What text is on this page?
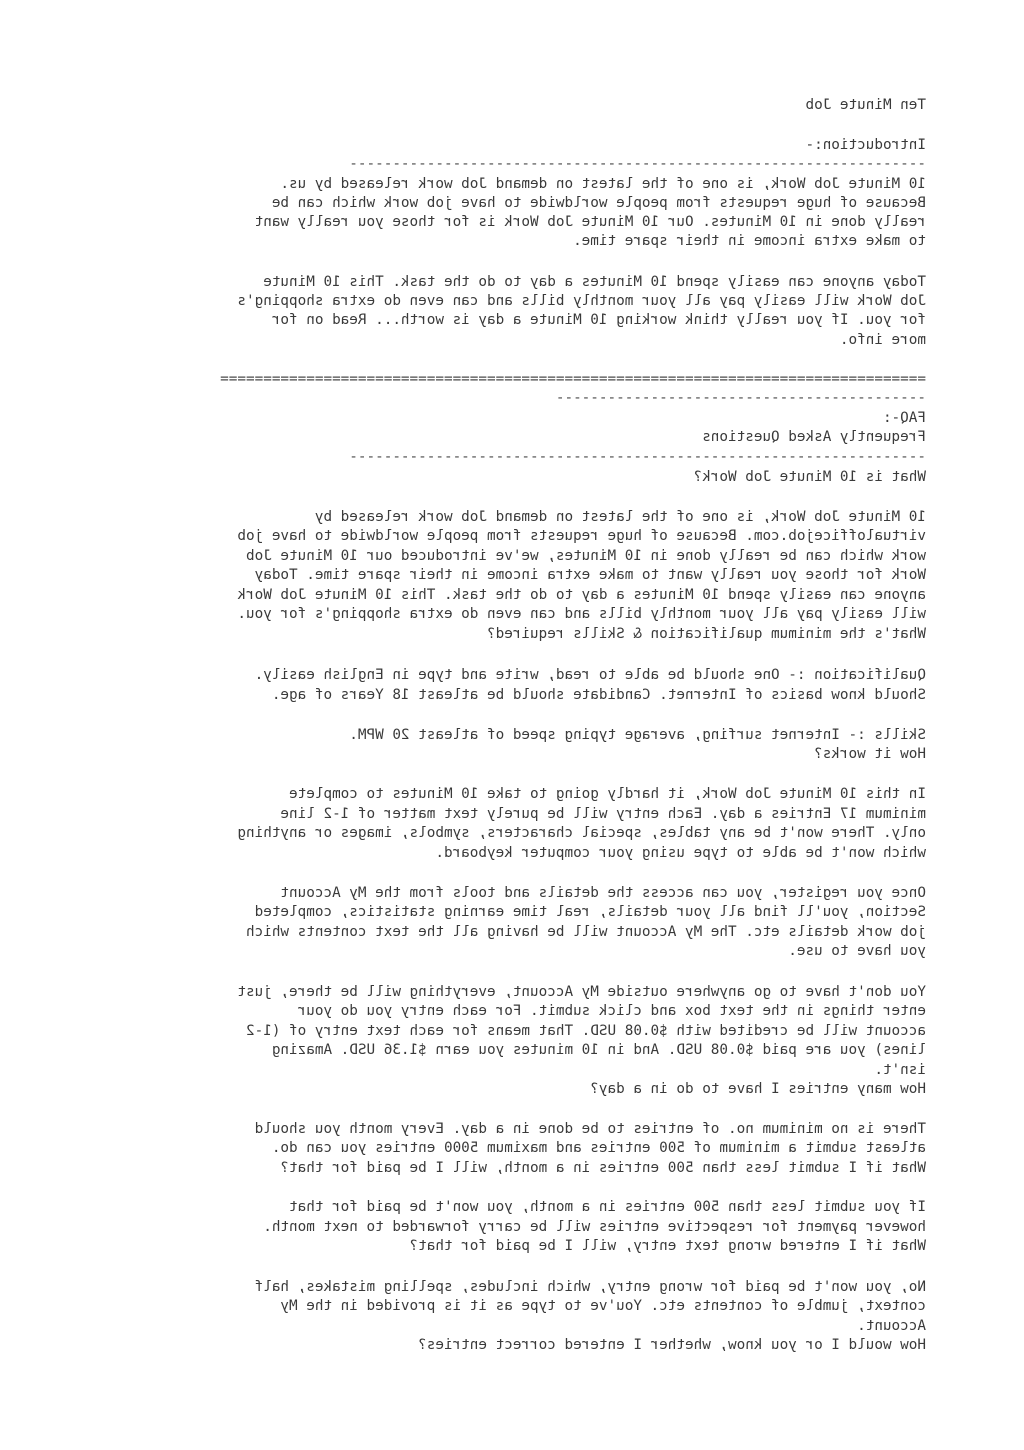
Ten Minute Job
Introduction:-
-------------------------------------------------------------------
10 Minute Job Work, is one of the latest on demand Job work released by us.
Because of huge requests from people worldwide to have job work which can be
really done in 10 Minutes. Our 10 Minute Job Work is for those you really want
to make extra income in their spare time.
Today anyone can easily spend 10 Minutes a day to do the task. This 10 Minute
Job Work will easily pay all your monthly bills and can even do extra shopping's
for you. If you really think working 10 Minute a day is worth... Read on for
more info.
==================================================================================
-------------------------------------------
FAQ-:
Frequently Asked Questions
-------------------------------------------------------------------
What is 10 Minute Job Work?
10 Minute Job Work, is one of the latest on demand Job work released by
virtualofficejob.com. Because of huge requests from people worldwide to have job
work which can be really done in 10 Minutes, we've introduced our 10 Minute Job
Work for those you really want to make extra income in their spare time. Today
anyone can easily spend 10 Minutes a day to do the task. This 10 Minute Job Work
will easily pay all your monthly bills and can even do extra shopping's for you.
What's the minimum qualification & Skills required?
Qualification :- One should be able to read, write and type in English easily.
Should know basics of Internet. Candidate should be atleast 18 Years of age.
Skills :- Internet surfing, average typing speed of atleast 20 WPM.
How it works?
In this 10 Minute Job Work, it hardly going to take 10 Minutes to complete
minimum 17 Entries a day. Each entry will be purely text matter of 1-2 line
only. There won't be any tables, special characters, symbols, images or anything
which won't be able to type using your computer keyboard.
Once you register, you can access the details and tools from the My Account
Section, you'll find all your details, real time earning statistics, completed
job work details etc. The My Account will be having all the text contents which
you have to use.
You don't have to go anywhere outside My Account, everything will be there, just
enter things in the text box and click submit. For each entry you do your
account will be credited with $0.08 USD. That means for each text entry of (1-2
lines) you are paid $0.08 USD. And in 10 minutes you earn $1.36 USD. Amazing
isn't.
How many entries I have to do in a day?
There is no minimum no. of entries to be done in a day. Every month you should
atleast submit a minimum of 500 entries and maximum 5000 entries you can do.
What if I submit less than 500 entries in a month, will I be paid for that?
If you submit less than 500 entries in a month, you won't be paid for that
however payment for respective entries will be carry forwarded to next month.
What if I entered wrong text entry, will I be paid for that?
No, you won't be paid for wrong entry, which includes, spelling mistakes, half
context, jumble of contents etc. You've to type as it is provided in the My
Account.
How would I or you know, whether I entered correct entries?
